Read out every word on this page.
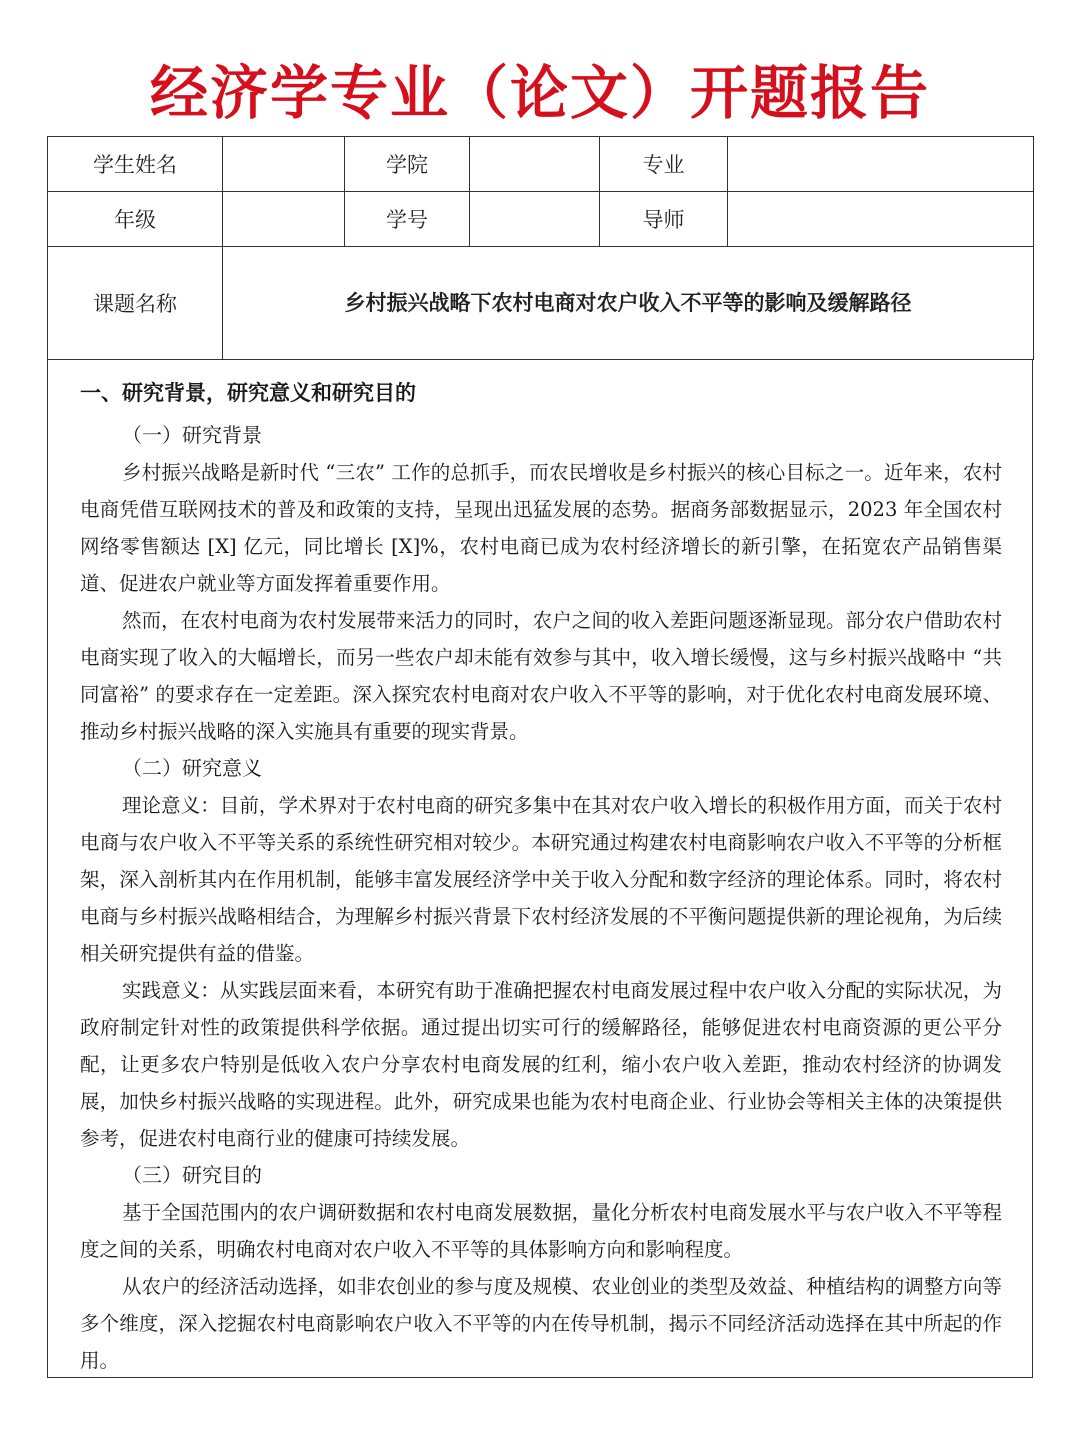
经济学专业（论文）开题报告
学生姓名		学院		专业	
年级		学号		导师	
课题名称	乡村振兴战略下农村电商对农户收入不平等的影响及缓解路径				

一、研究背景，研究意义和研究目的

（一）研究背景

乡村振兴战略是新时代 “三农” 工作的总抓手，而农民增收是乡村振兴的核心目标之一。近年来，农村电商凭借互联网技术的普及和政策的支持，呈现出迅猛发展的态势。据商务部数据显示，2023 年全国农村网络零售额达 [X] 亿元，同比增长 [X]%，农村电商已成为农村经济增长的新引擎，在拓宽农产品销售渠道、促进农户就业等方面发挥着重要作用。

然而，在农村电商为农村发展带来活力的同时，农户之间的收入差距问题逐渐显现。部分农户借助农村电商实现了收入的大幅增长，而另一些农户却未能有效参与其中，收入增长缓慢，这与乡村振兴战略中 “共同富裕” 的要求存在一定差距。深入探究农村电商对农户收入不平等的影响，对于优化农村电商发展环境、推动乡村振兴战略的深入实施具有重要的现实背景。

（二）研究意义

理论意义：目前，学术界对于农村电商的研究多集中在其对农户收入增长的积极作用方面，而关于农村电商与农户收入不平等关系的系统性研究相对较少。本研究通过构建农村电商影响农户收入不平等的分析框架，深入剖析其内在作用机制，能够丰富发展经济学中关于收入分配和数字经济的理论体系。同时，将农村电商与乡村振兴战略相结合，为理解乡村振兴背景下农村经济发展的不平衡问题提供新的理论视角，为后续相关研究提供有益的借鉴。

实践意义：从实践层面来看，本研究有助于准确把握农村电商发展过程中农户收入分配的实际状况，为政府制定针对性的政策提供科学依据。通过提出切实可行的缓解路径，能够促进农村电商资源的更公平分配，让更多农户特别是低收入农户分享农村电商发展的红利，缩小农户收入差距，推动农村经济的协调发展，加快乡村振兴战略的实现进程。此外，研究成果也能为农村电商企业、行业协会等相关主体的决策提供参考，促进农村电商行业的健康可持续发展。

（三）研究目的

基于全国范围内的农户调研数据和农村电商发展数据，量化分析农村电商发展水平与农户收入不平等程度之间的关系，明确农村电商对农户收入不平等的具体影响方向和影响程度。

从农户的经济活动选择，如非农创业的参与度及规模、农业创业的类型及效益、种植结构的调整方向等多个维度，深入挖掘农村电商影响农户收入不平等的内在传导机制，揭示不同经济活动选择在其中所起的作用。
